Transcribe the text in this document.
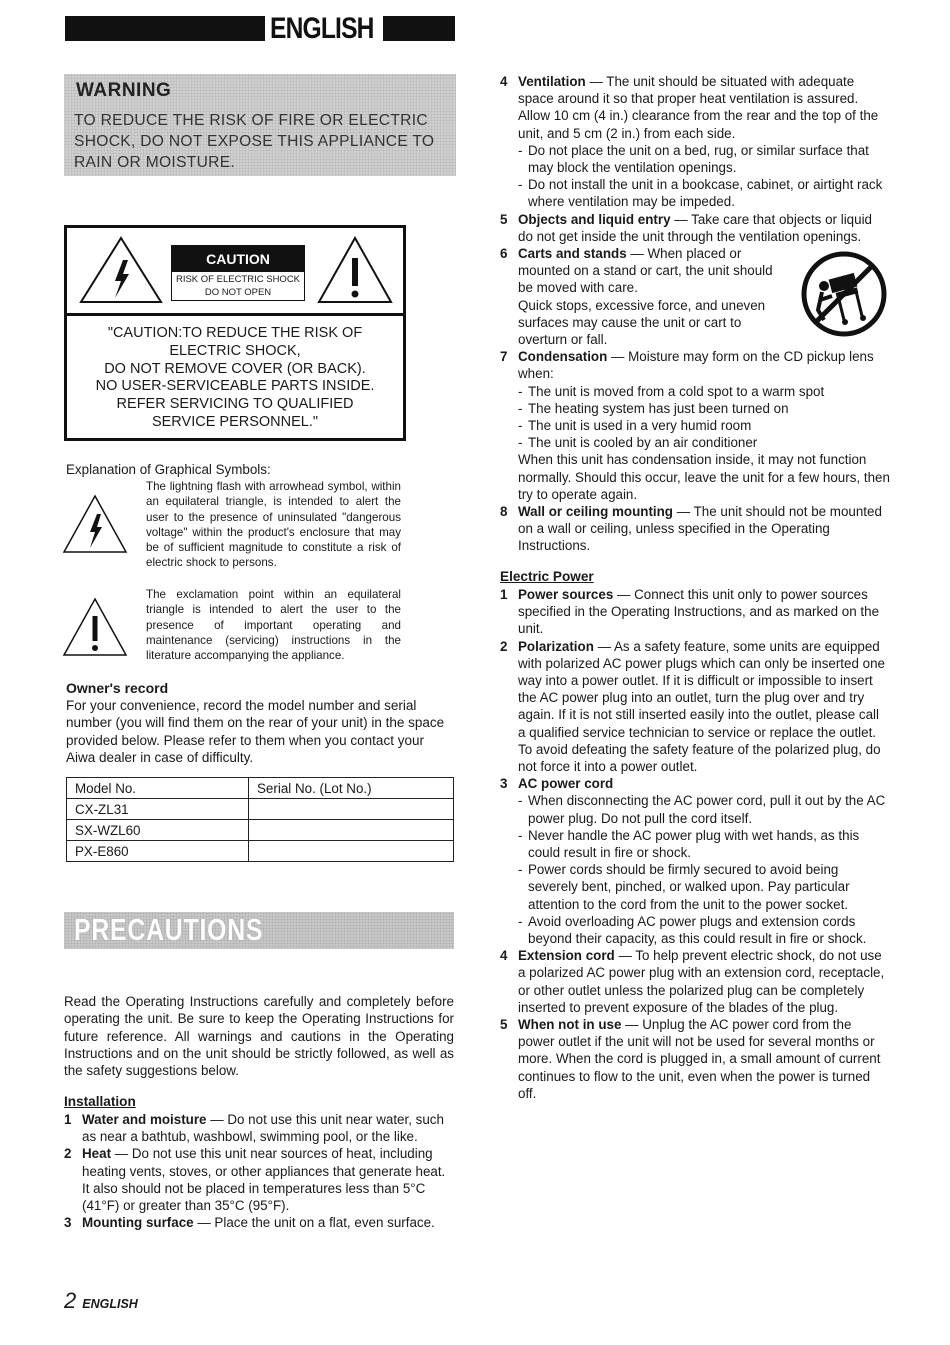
ENGLISH
WARNING
TO REDUCE THE RISK OF FIRE OR ELECTRIC SHOCK, DO NOT EXPOSE THIS APPLIANCE TO RAIN OR MOISTURE.
CAUTION
RISK OF ELECTRIC SHOCK
DO NOT OPEN
"CAUTION:TO REDUCE THE RISK OF
ELECTRIC SHOCK,
DO NOT REMOVE COVER (OR BACK).
NO USER-SERVICEABLE PARTS INSIDE.
REFER SERVICING TO QUALIFIED
SERVICE PERSONNEL."
Explanation of Graphical Symbols:
The lightning flash with arrowhead symbol, within an equilateral triangle, is intended to alert the user to the presence of uninsulated "dangerous voltage" within the product's enclosure that may be of sufficient magnitude to constitute a risk of electric shock to persons.
The exclamation point within an equilateral triangle is intended to alert the user to the presence of important operating and maintenance (servicing) instructions in the literature accompanying the appliance.
Owner's record
For your convenience, record the model number and serial number (you will find them on the rear of your unit) in the space provided below. Please refer to them when you contact your Aiwa dealer in case of difficulty.
Model No.	Serial No. (Lot No.)
CX-ZL31	
SX-WZL60	
PX-E860	
PRECAUTIONS
Read the Operating Instructions carefully and completely before operating the unit. Be sure to keep the Operating Instructions for future reference. All warnings and cautions in the Operating Instructions and on the unit should be strictly followed, as well as the safety suggestions below.
Installation
1 Water and moisture — Do not use this unit near water, such as near a bathtub, washbowl, swimming pool, or the like.
2 Heat — Do not use this unit near sources of heat, including heating vents, stoves, or other appliances that generate heat. It also should not be placed in temperatures less than 5°C (41°F) or greater than 35°C (95°F).
3 Mounting surface — Place the unit on a flat, even surface.
4 Ventilation — The unit should be situated with adequate space around it so that proper heat ventilation is assured. Allow 10 cm (4 in.) clearance from the rear and the top of the unit, and 5 cm (2 in.) from each side.
- Do not place the unit on a bed, rug, or similar surface that may block the ventilation openings.
- Do not install the unit in a bookcase, cabinet, or airtight rack where ventilation may be impeded.
5 Objects and liquid entry — Take care that objects or liquid do not get inside the unit through the ventilation openings.
6 Carts and stands — When placed or mounted on a stand or cart, the unit should be moved with care.
Quick stops, excessive force, and uneven surfaces may cause the unit or cart to overturn or fall.
7 Condensation — Moisture may form on the CD pickup lens when:
- The unit is moved from a cold spot to a warm spot
- The heating system has just been turned on
- The unit is used in a very humid room
- The unit is cooled by an air conditioner
When this unit has condensation inside, it may not function normally. Should this occur, leave the unit for a few hours, then try to operate again.
8 Wall or ceiling mounting — The unit should not be mounted on a wall or ceiling, unless specified in the Operating Instructions.
Electric Power
1 Power sources — Connect this unit only to power sources specified in the Operating Instructions, and as marked on the unit.
2 Polarization — As a safety feature, some units are equipped with polarized AC power plugs which can only be inserted one way into a power outlet. If it is difficult or impossible to insert the AC power plug into an outlet, turn the plug over and try again. If it is not still inserted easily into the outlet, please call a qualified service technician to service or replace the outlet. To avoid defeating the safety feature of the polarized plug, do not force it into a power outlet.
3 AC power cord
- When disconnecting the AC power cord, pull it out by the AC power plug. Do not pull the cord itself.
- Never handle the AC power plug with wet hands, as this could result in fire or shock.
- Power cords should be firmly secured to avoid being severely bent, pinched, or walked upon. Pay particular attention to the cord from the unit to the power socket.
- Avoid overloading AC power plugs and extension cords beyond their capacity, as this could result in fire or shock.
4 Extension cord — To help prevent electric shock, do not use a polarized AC power plug with an extension cord, receptacle, or other outlet unless the polarized plug can be completely inserted to prevent exposure of the blades of the plug.
5 When not in use — Unplug the AC power cord from the power outlet if the unit will not be used for several months or more. When the cord is plugged in, a small amount of current continues to flow to the unit, even when the power is turned off.
2 ENGLISH
